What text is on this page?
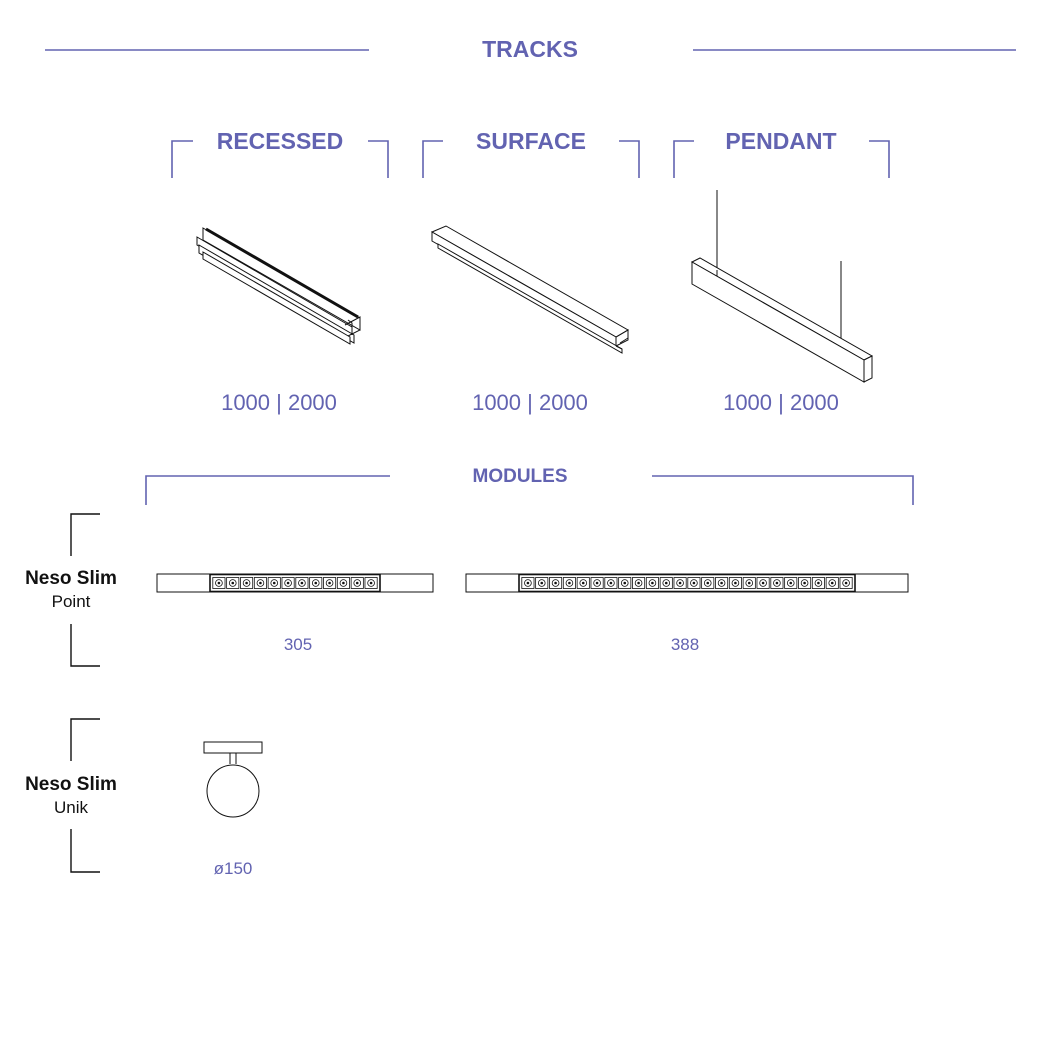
TRACKS
RECESSED	SURFACE	PENDANT
1000 | 2000	1000 | 2000	1000 | 2000
MODULES
Neso Slim
Point
305	388
Neso Slim
Unik
ø150
